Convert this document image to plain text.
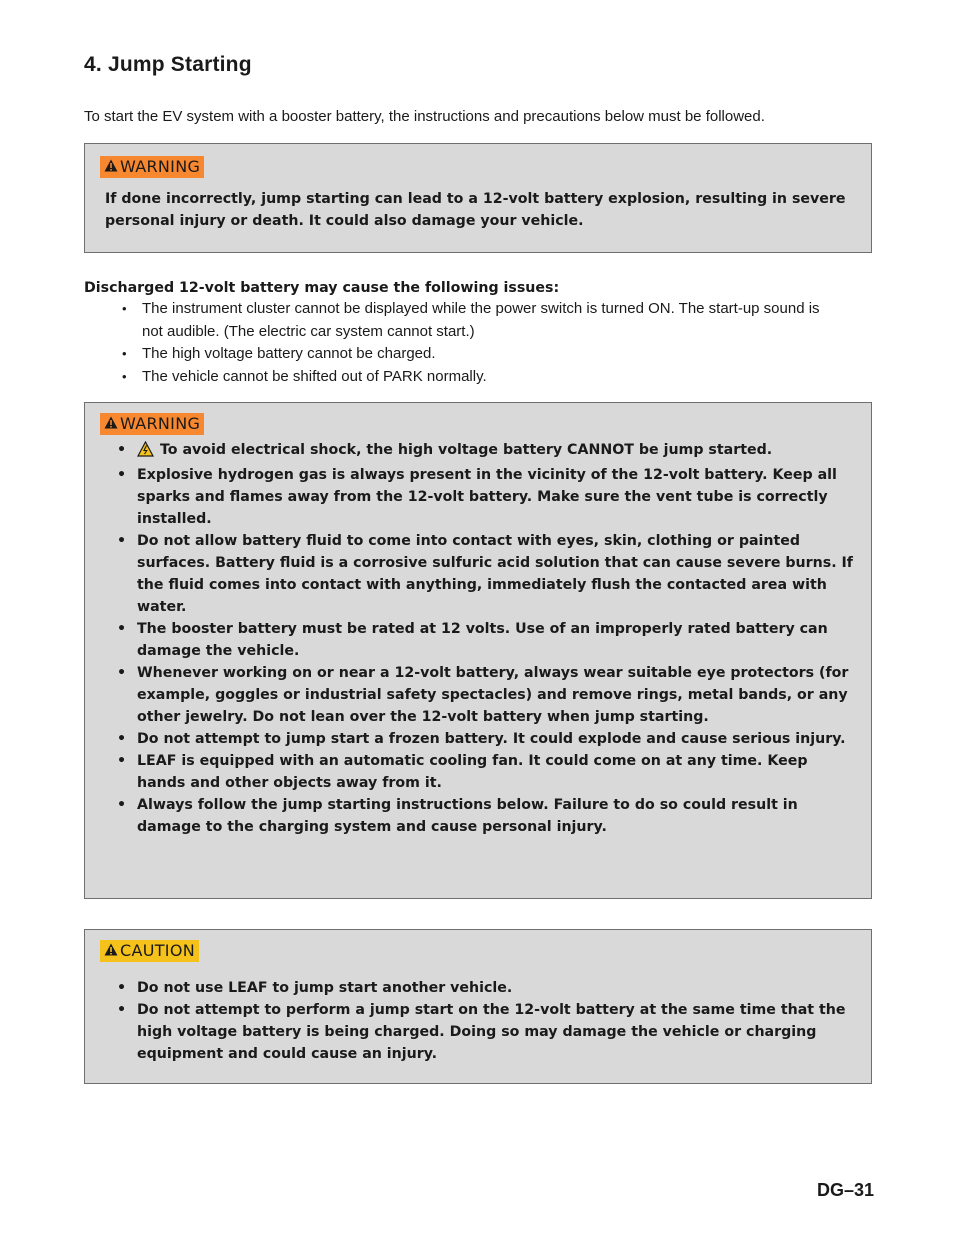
4. Jump Starting
To start the EV system with a booster battery, the instructions and precautions below must be followed.
WARNING
If done incorrectly, jump starting can lead to a 12-volt battery explosion, resulting in severe personal injury or death. It could also damage your vehicle.
Discharged 12-volt battery may cause the following issues:
• The instrument cluster cannot be displayed while the power switch is turned ON. The start-up sound is not audible. (The electric car system cannot start.)
• The high voltage battery cannot be charged.
• The vehicle cannot be shifted out of PARK normally.
WARNING
• To avoid electrical shock, the high voltage battery CANNOT be jump started.
• Explosive hydrogen gas is always present in the vicinity of the 12-volt battery. Keep all sparks and flames away from the 12-volt battery. Make sure the vent tube is correctly installed.
• Do not allow battery fluid to come into contact with eyes, skin, clothing or painted surfaces. Battery fluid is a corrosive sulfuric acid solution that can cause severe burns. If the fluid comes into contact with anything, immediately flush the contacted area with water.
• The booster battery must be rated at 12 volts. Use of an improperly rated battery can damage the vehicle.
• Whenever working on or near a 12-volt battery, always wear suitable eye protectors (for example, goggles or industrial safety spectacles) and remove rings, metal bands, or any other jewelry. Do not lean over the 12-volt battery when jump starting.
• Do not attempt to jump start a frozen battery. It could explode and cause serious injury.
• LEAF is equipped with an automatic cooling fan. It could come on at any time. Keep hands and other objects away from it.
• Always follow the jump starting instructions below. Failure to do so could result in damage to the charging system and cause personal injury.
CAUTION
• Do not use LEAF to jump start another vehicle.
• Do not attempt to perform a jump start on the 12-volt battery at the same time that the high voltage battery is being charged. Doing so may damage the vehicle or charging equipment and could cause an injury.
DG–31
